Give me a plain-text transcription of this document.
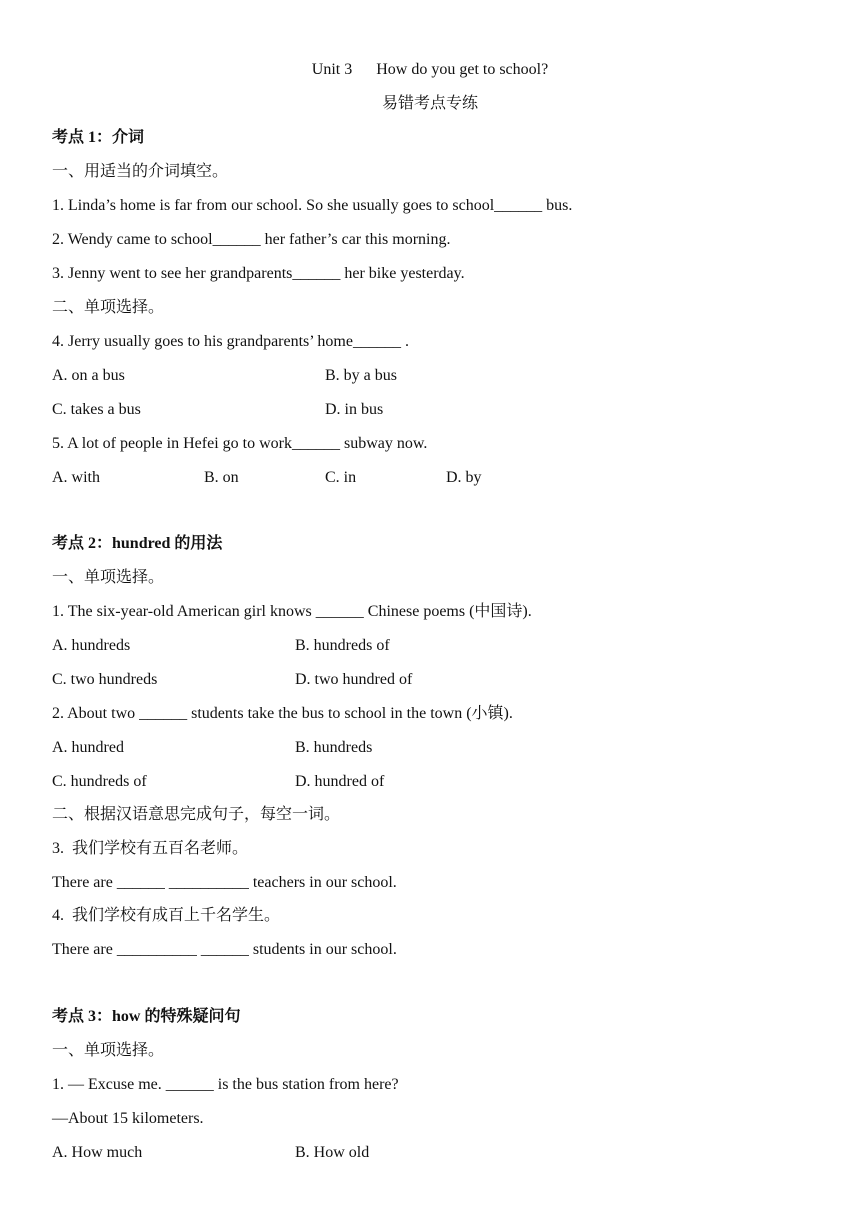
Unit 3      How do you get to school?
易错考点专练
考点 1：介词
一、用适当的介词填空。
1. Linda’s home is far from our school. So she usually goes to school______ bus.
2. Wendy came to school______ her father’s car this morning.
3. Jenny went to see her grandparents______ her bike yesterday.
二、单项选择。
4. Jerry usually goes to his grandparents’ home______ .
A. on a bus	B. by a bus
C. takes a bus	D. in bus
5. A lot of people in Hefei go to work______ subway now.
A. with	B. on	C. in	D. by
考点 2：hundred 的用法
一、单项选择。
1. The six-year-old American girl knows ______ Chinese poems (中国诗).
A. hundreds	B. hundreds of
C. two hundreds	D. two hundred of
2. About two ______ students take the bus to school in the town (小镇).
A. hundred	B. hundreds
C. hundreds of	D. hundred of
二、根据汉语意思完成句子，每空一词。
3.  我们学校有五百名老师。
There are ______ __________ teachers in our school.
4.  我们学校有成百上千名学生。
There are __________ ______ students in our school.
考点 3：how 的特殊疑问句
一、单项选择。
1. — Excuse me. ______ is the bus station from here?
—About 15 kilometers.
A. How much	B. How old
